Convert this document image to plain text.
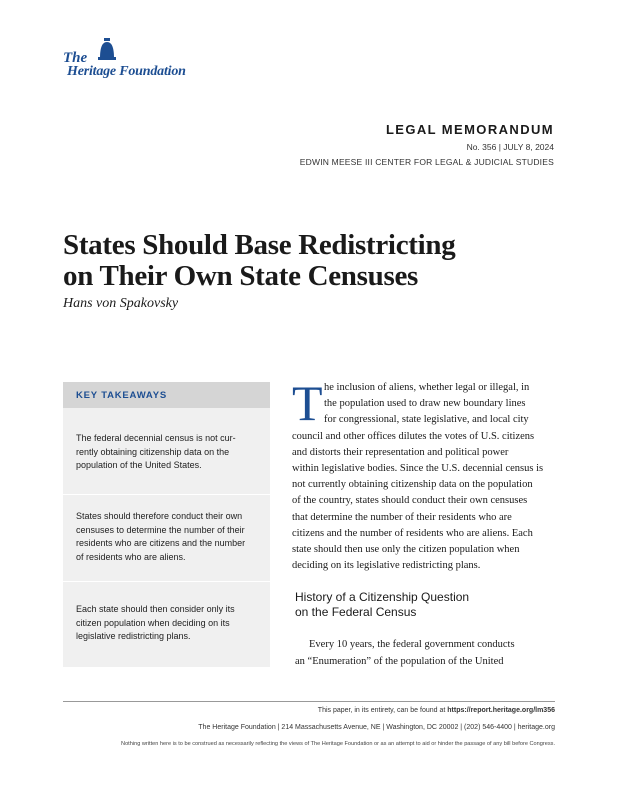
The
Heritage Foundation
LEGAL MEMORANDUM
No. 356 | JULY 8, 2024
EDWIN MEESE III CENTER FOR LEGAL & JUDICIAL STUDIES
States Should Base Redistricting
on Their Own State Censuses
Hans von Spakovsky
KEY TAKEAWAYS
The federal decennial census is not cur-
rently obtaining citizenship data on the
population of the United States.
States should therefore conduct their own
censuses to determine the number of their
residents who are citizens and the number
of residents who are aliens.
Each state should then consider only its
citizen population when deciding on its
legislative redistricting plans.
T he inclusion of aliens, whether legal or illegal, in
the population used to draw new boundary lines
for congressional, state legislative, and local city
council and other offices dilutes the votes of U.S. citizens
and distorts their representation and political power
within legislative bodies. Since the U.S. decennial census is
not currently obtaining citizenship data on the population
of the country, states should conduct their own censuses
that determine the number of their residents who are
citizens and the number of residents who are aliens. Each
state should then use only the citizen population when
deciding on its legislative redistricting plans.
History of a Citizenship Question
on the Federal Census
Every 10 years, the federal government conducts
an “Enumeration” of the population of the United
This paper, in its entirety, can be found at https://report.heritage.org/lm356
The Heritage Foundation | 214 Massachusetts Avenue, NE | Washington, DC 20002 | (202) 546-4400 | heritage.org
Nothing written here is to be construed as necessarily reflecting the views of The Heritage Foundation or as an attempt to aid or hinder the passage of any bill before Congress.
